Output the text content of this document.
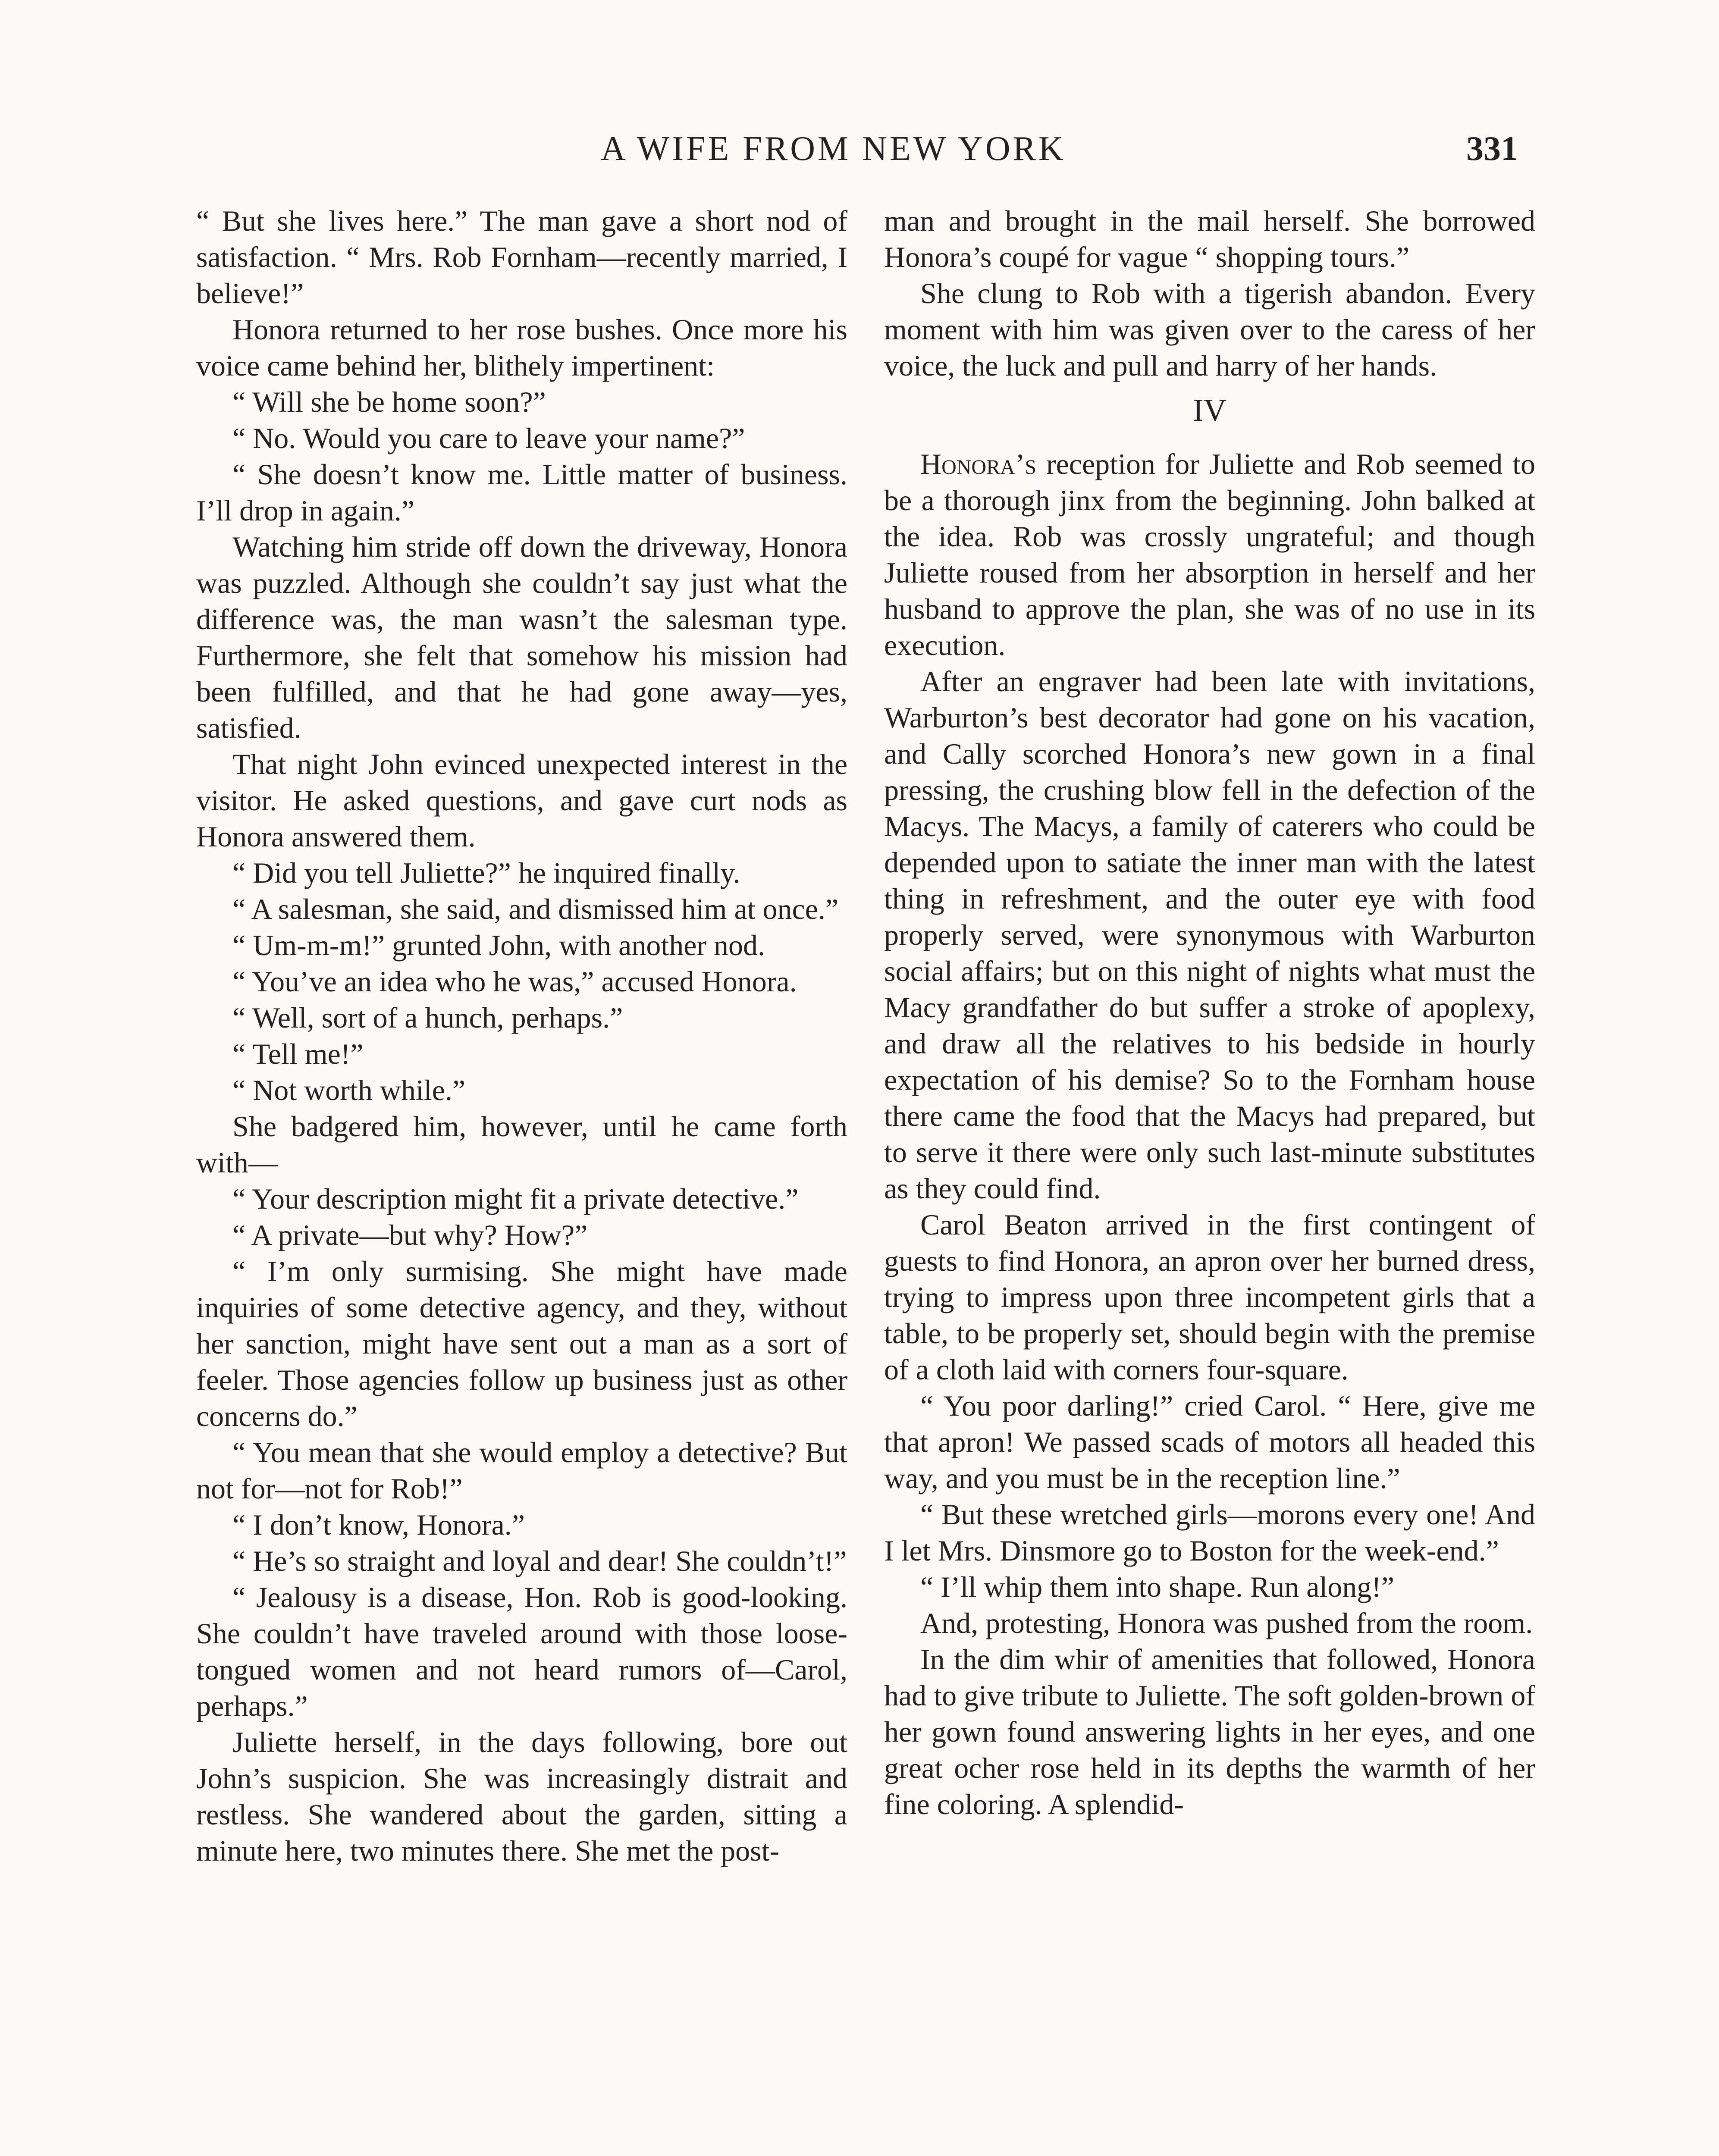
A WIFE FROM NEW YORK	331

“ But she lives here.” The man gave a short nod of satisfaction. “ Mrs. Rob Fornham—recently married, I believe!”

Honora returned to her rose bushes. Once more his voice came behind her, blithely impertinent:

“ Will she be home soon?”

“ No. Would you care to leave your name?”

“ She doesn’t know me. Little matter of business. I’ll drop in again.”

Watching him stride off down the driveway, Honora was puzzled. Although she couldn’t say just what the difference was, the man wasn’t the salesman type. Furthermore, she felt that somehow his mission had been fulfilled, and that he had gone away—yes, satisfied.

That night John evinced unexpected interest in the visitor. He asked questions, and gave curt nods as Honora answered them.

“ Did you tell Juliette?” he inquired finally.

“ A salesman, she said, and dismissed him at once.”

“ Um-m-m!” grunted John, with another nod.

“ You’ve an idea who he was,” accused Honora.

“ Well, sort of a hunch, perhaps.”

“ Tell me!”

“ Not worth while.”

She badgered him, however, until he came forth with—

“ Your description might fit a private detective.”

“ A private—but why? How?”

“ I’m only surmising. She might have made inquiries of some detective agency, and they, without her sanction, might have sent out a man as a sort of feeler. Those agencies follow up business just as other concerns do.”

“ You mean that she would employ a detective? But not for—not for Rob!”

“ I don’t know, Honora.”

“ He’s so straight and loyal and dear! She couldn’t!”

“ Jealousy is a disease, Hon. Rob is good-looking. She couldn’t have traveled around with those loose-tongued women and not heard rumors of—Carol, perhaps.”

Juliette herself, in the days following, bore out John’s suspicion. She was increasingly distrait and restless. She wandered about the garden, sitting a minute here, two minutes there. She met the post-

man and brought in the mail herself. She borrowed Honora’s coupé for vague “ shopping tours.”

She clung to Rob with a tigerish abandon. Every moment with him was given over to the caress of her voice, the luck and pull and harry of her hands.

IV

Honora’s reception for Juliette and Rob seemed to be a thorough jinx from the beginning. John balked at the idea. Rob was crossly ungrateful; and though Juliette roused from her absorption in herself and her husband to approve the plan, she was of no use in its execution.

After an engraver had been late with invitations, Warburton’s best decorator had gone on his vacation, and Cally scorched Honora’s new gown in a final pressing, the crushing blow fell in the defection of the Macys. The Macys, a family of caterers who could be depended upon to satiate the inner man with the latest thing in refreshment, and the outer eye with food properly served, were synonymous with Warburton social affairs; but on this night of nights what must the Macy grandfather do but suffer a stroke of apoplexy, and draw all the relatives to his bedside in hourly expectation of his demise? So to the Fornham house there came the food that the Macys had prepared, but to serve it there were only such last-minute substitutes as they could find.

Carol Beaton arrived in the first contingent of guests to find Honora, an apron over her burned dress, trying to impress upon three incompetent girls that a table, to be properly set, should begin with the premise of a cloth laid with corners four-square.

“ You poor darling!” cried Carol. “ Here, give me that apron! We passed scads of motors all headed this way, and you must be in the reception line.”

“ But these wretched girls—morons every one! And I let Mrs. Dinsmore go to Boston for the week-end.”

“ I’ll whip them into shape. Run along!”

And, protesting, Honora was pushed from the room.

In the dim whir of amenities that followed, Honora had to give tribute to Juliette. The soft golden-brown of her gown found answering lights in her eyes, and one great ocher rose held in its depths the warmth of her fine coloring. A splendid-
